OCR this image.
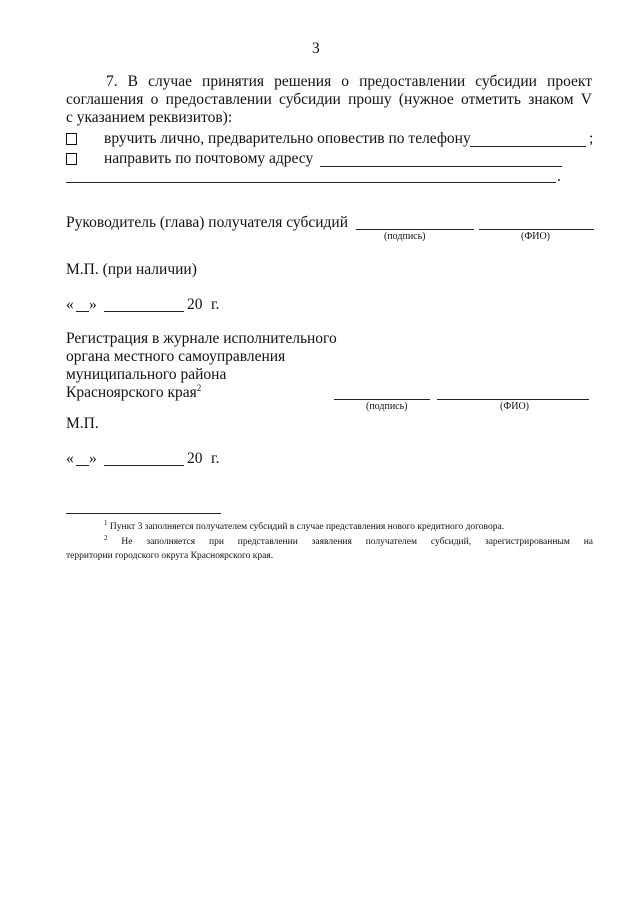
3
7. В случае принятия решения о предоставлении субсидии проект
соглашения о предоставлении субсидии прошу (нужное отметить знаком V
с указанием реквизитов):
вручить лично, предварительно оповестив по телефону	;
направить по почтовому адресу
.
Руководитель (глава) получателя субсидий
(подпись)	(ФИО)
М.П. (при наличии)
« »	20 г.
Регистрация в журнале исполнительного
органа местного самоуправления
муниципального района
Красноярского края$^2$
(подпись)	(ФИО)
М.П.
« »	20 г.
$^1$ Пункт 3 заполняется получателем субсидий в случае представления нового кредитного договора.
$^2$ Не заполняется при представлении заявления получателем субсидий, зарегистрированным на
территории городского округа Красноярского края.
